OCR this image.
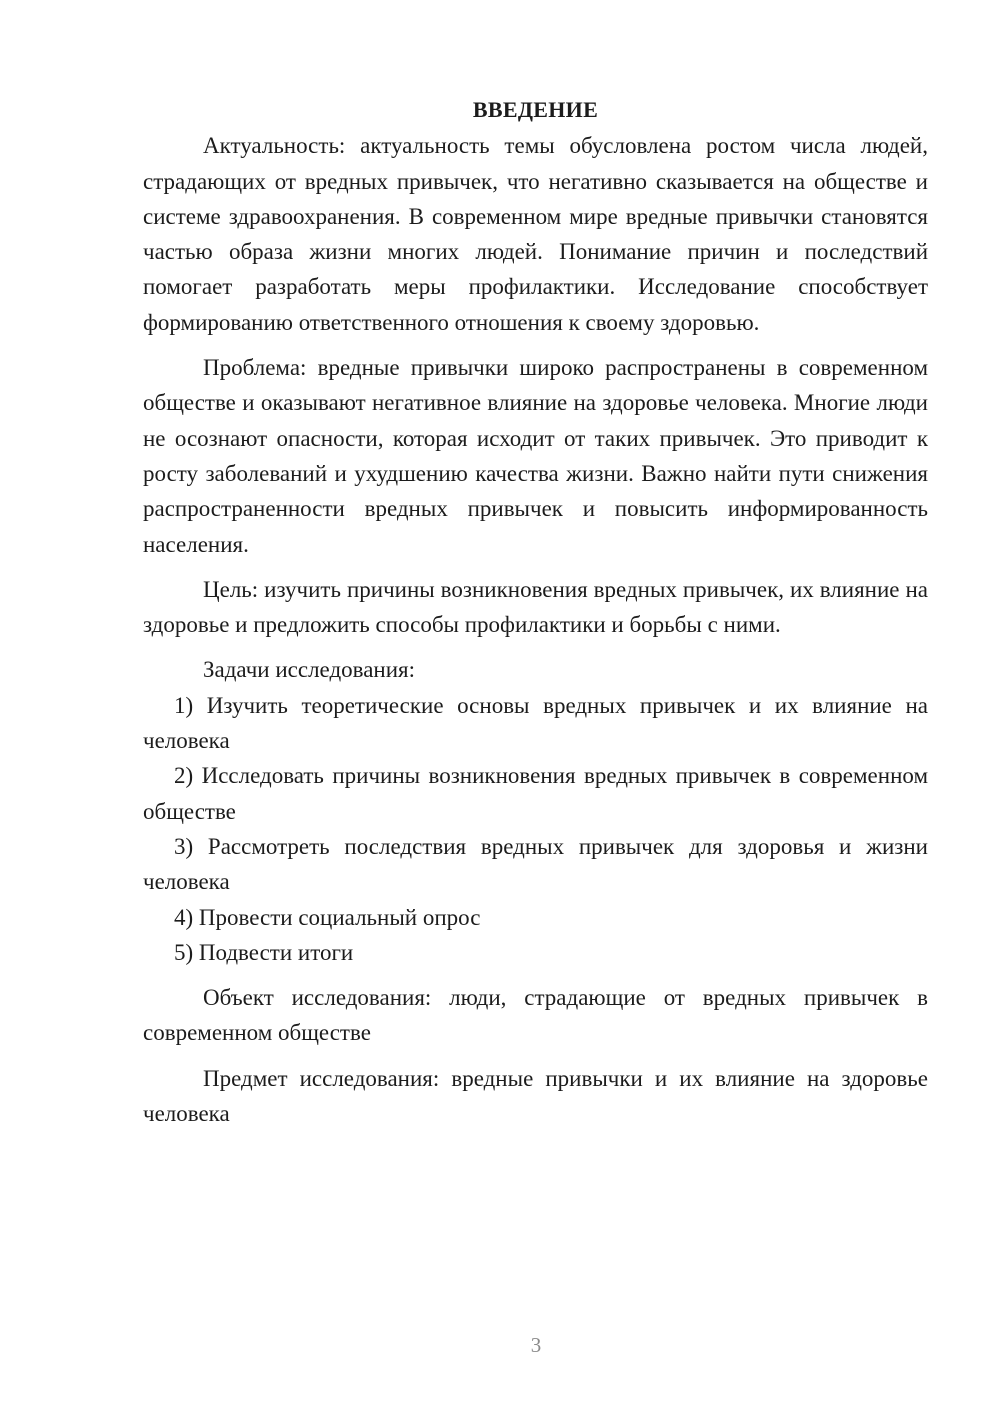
ВВЕДЕНИЕ

Актуальность: актуальность темы обусловлена ростом числа людей, страдающих от вредных привычек, что негативно сказывается на обществе и системе здравоохранения. В современном мире вредные привычки становятся частью образа жизни многих людей. Понимание причин и последствий помогает разработать меры профилактики. Исследование способствует формированию ответственного отношения к своему здоровью.

Проблема: вредные привычки широко распространены в современном обществе и оказывают негативное влияние на здоровье человека. Многие люди не осознают опасности, которая исходит от таких привычек. Это приводит к росту заболеваний и ухудшению качества жизни. Важно найти пути снижения распространенности вредных привычек и повысить информированность населения.

Цель: изучить причины возникновения вредных привычек, их влияние на здоровье и предложить способы профилактики и борьбы с ними.

Задачи исследования:

1) Изучить теоретические основы вредных привычек и их влияние на человека

2) Исследовать причины возникновения вредных привычек в современном обществе

3) Рассмотреть последствия вредных привычек для здоровья и жизни человека

4) Провести социальный опрос

5) Подвести итоги

Объект исследования: люди, страдающие от вредных привычек в современном обществе

Предмет исследования: вредные привычки и их влияние на здоровье человека

3
